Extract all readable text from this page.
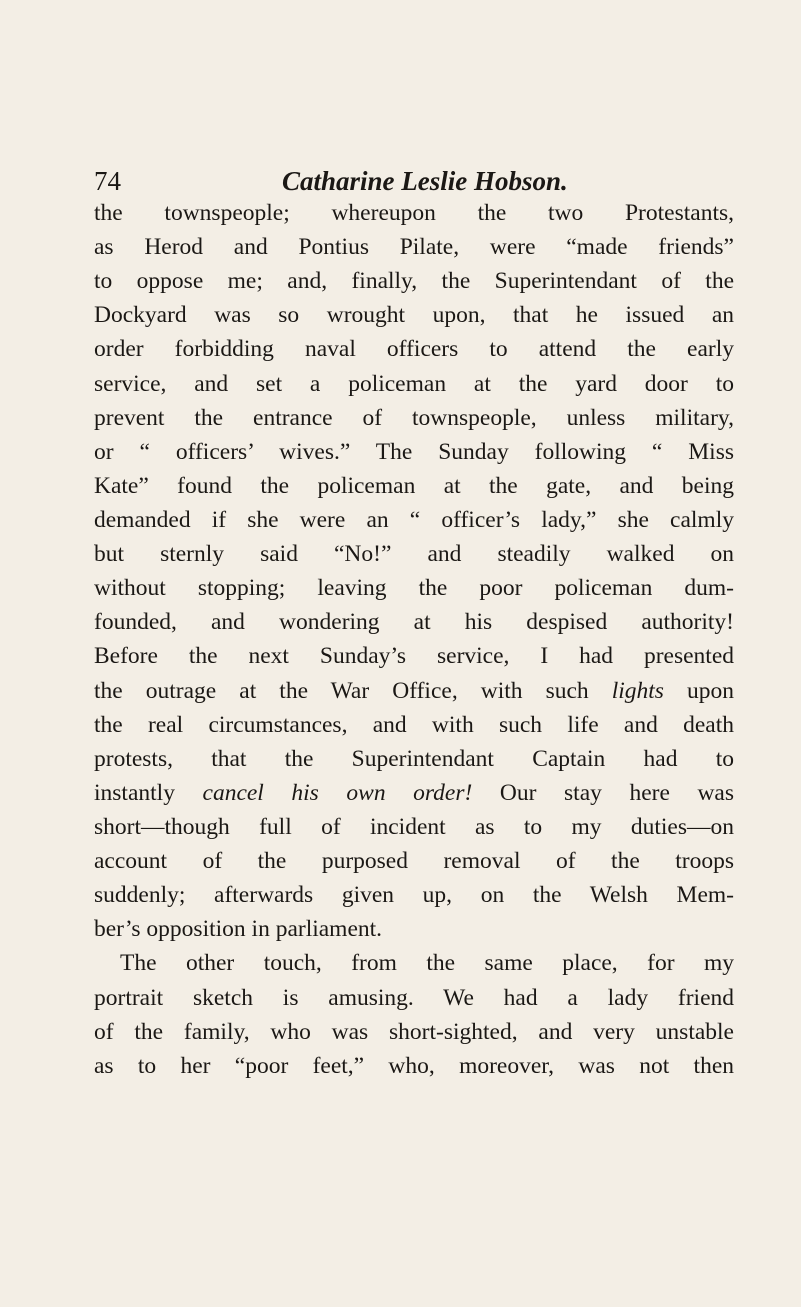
74	Catharine Leslie Hobson.
the townspeople; whereupon the two Protestants,
as Herod and Pontius Pilate, were “made friends”
to oppose me; and, finally, the Superintendant of the
Dockyard was so wrought upon, that he issued an
order forbidding naval officers to attend the early
service, and set a policeman at the yard door to
prevent the entrance of townspeople, unless military,
or “ officers’ wives.” The Sunday following “ Miss
Kate” found the policeman at the gate, and being
demanded if she were an “ officer’s lady,” she calmly
but sternly said “No!” and steadily walked on
without stopping; leaving the poor policeman dum-
founded, and wondering at his despised authority!
Before the next Sunday’s service, I had presented
the outrage at the War Office, with such lights upon
the real circumstances, and with such life and death
protests, that the Superintendant Captain had to
instantly cancel his own order! Our stay here was
short—though full of incident as to my duties—on
account of the purposed removal of the troops
suddenly; afterwards given up, on the Welsh Mem-
ber’s opposition in parliament.
The other touch, from the same place, for my
portrait sketch is amusing. We had a lady friend
of the family, who was short-sighted, and very unstable
as to her “poor feet,” who, moreover, was not then
